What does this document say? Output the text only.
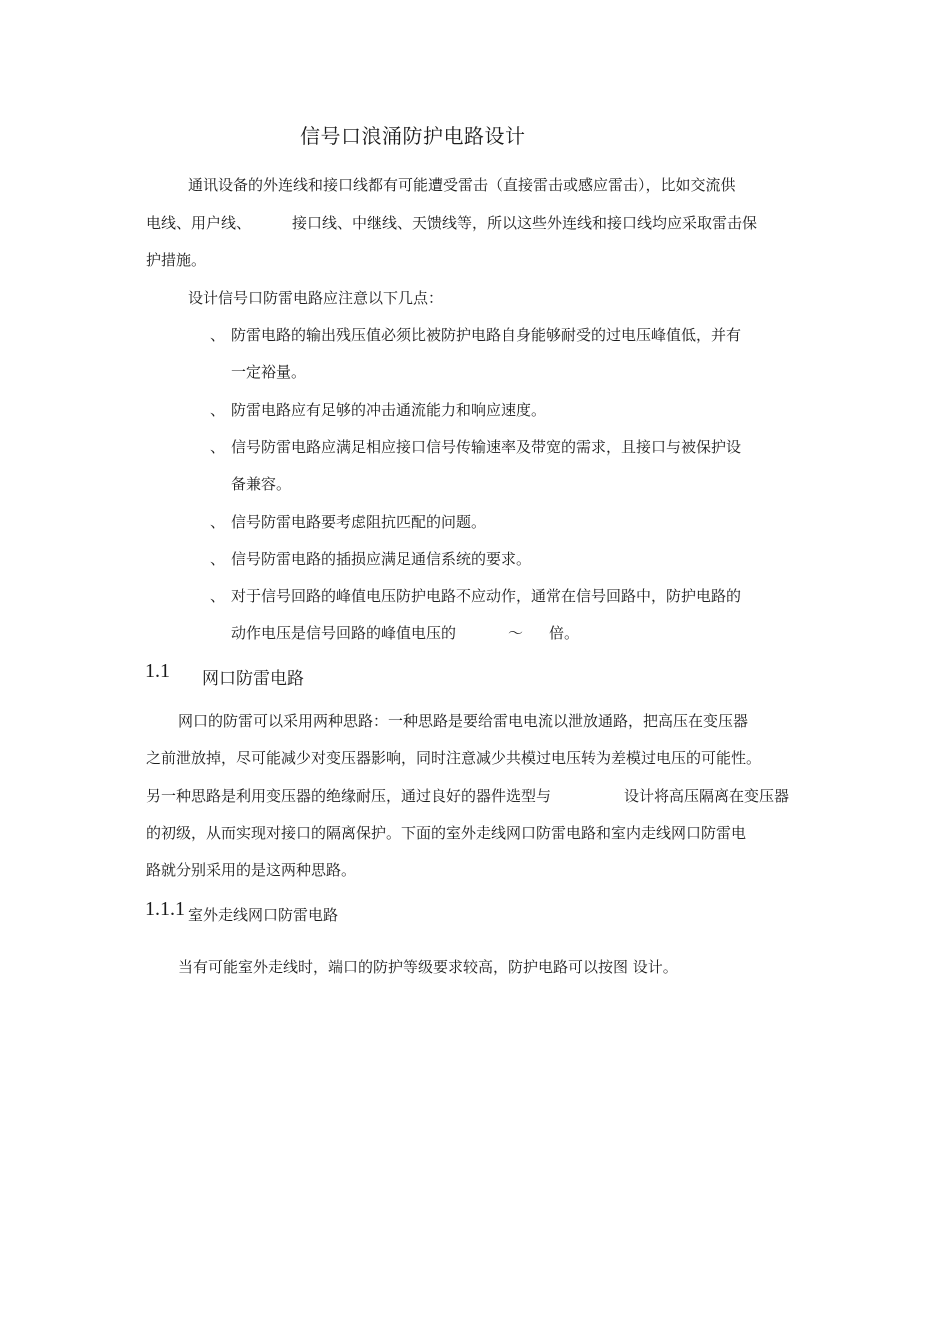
信号口浪涌防护电路设计
通讯设备的外连线和接口线都有可能遭受雷击（直接雷击或感应雷击），比如交流供
电线、用户线、	接口线、中继线、天馈线等，所以这些外连线和接口线均应采取雷击保
护措施。
设计信号口防雷电路应注意以下几点：
、 防雷电路的输出残压值必须比被防护电路自身能够耐受的过电压峰值低，并有
一定裕量。
、 防雷电路应有足够的冲击通流能力和响应速度。
、 信号防雷电路应满足相应接口信号传输速率及带宽的需求，且接口与被保护设
备兼容。
、 信号防雷电路要考虑阻抗匹配的问题。
、 信号防雷电路的插损应满足通信系统的要求。
、 对于信号回路的峰值电压防护电路不应动作，通常在信号回路中，防护电路的
动作电压是信号回路的峰值电压的	～ 倍。
1.1 网口防雷电路
网口的防雷可以采用两种思路：一种思路是要给雷电电流以泄放通路，把高压在变压器
之前泄放掉，尽可能减少对变压器影响，同时注意减少共模过电压转为差模过电压的可能性。
另一种思路是利用变压器的绝缘耐压，通过良好的器件选型与	设计将高压隔离在变压器
的初级，从而实现对接口的隔离保护。下面的室外走线网口防雷电路和室内走线网口防雷电
路就分别采用的是这两种思路。
1.1.1 室外走线网口防雷电路
当有可能室外走线时，端口的防护等级要求较高，防护电路可以按图 设计。
